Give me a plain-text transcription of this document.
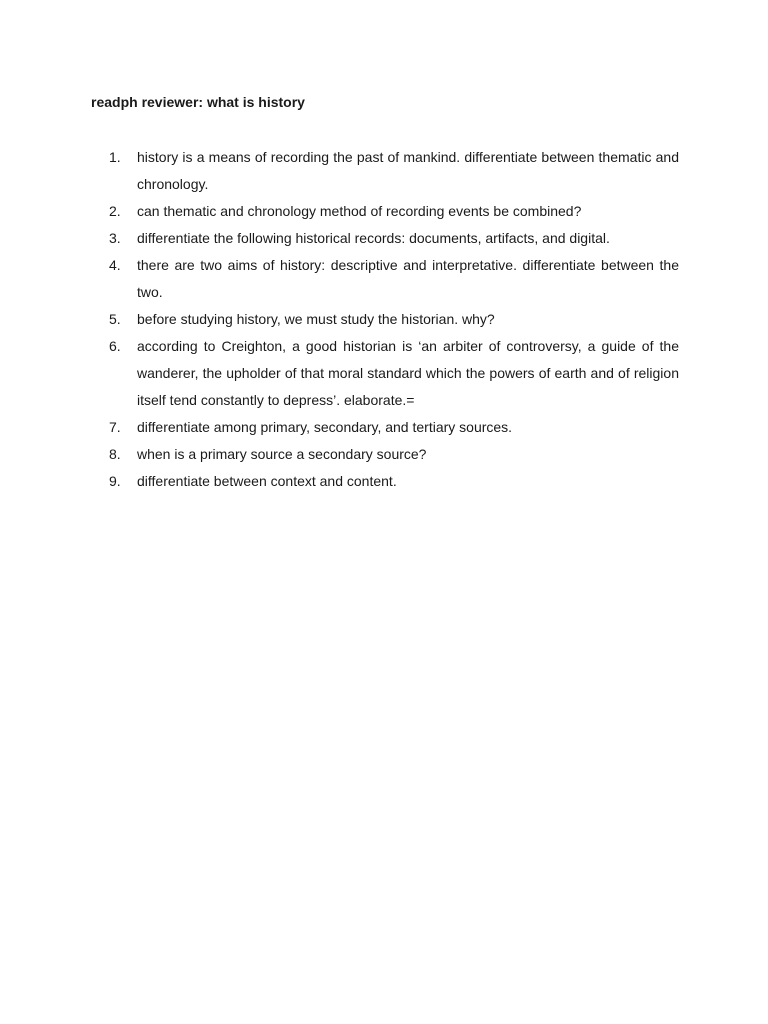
readph reviewer: what is history
1.	history is a means of recording the past of mankind. differentiate between thematic and chronology.
2.	can thematic and chronology method of recording events be combined?
3.	differentiate the following historical records: documents, artifacts, and digital.
4.	there are two aims of history: descriptive and interpretative. differentiate between the two.
5.	before studying history, we must study the historian. why?
6.	according to Creighton, a good historian is ‘an arbiter of controversy, a guide of the wanderer, the upholder of that moral standard which the powers of earth and of religion itself tend constantly to depress’. elaborate.=
7.	differentiate among primary, secondary, and tertiary sources.
8.	when is a primary source a secondary source?
9.	differentiate between context and content.
